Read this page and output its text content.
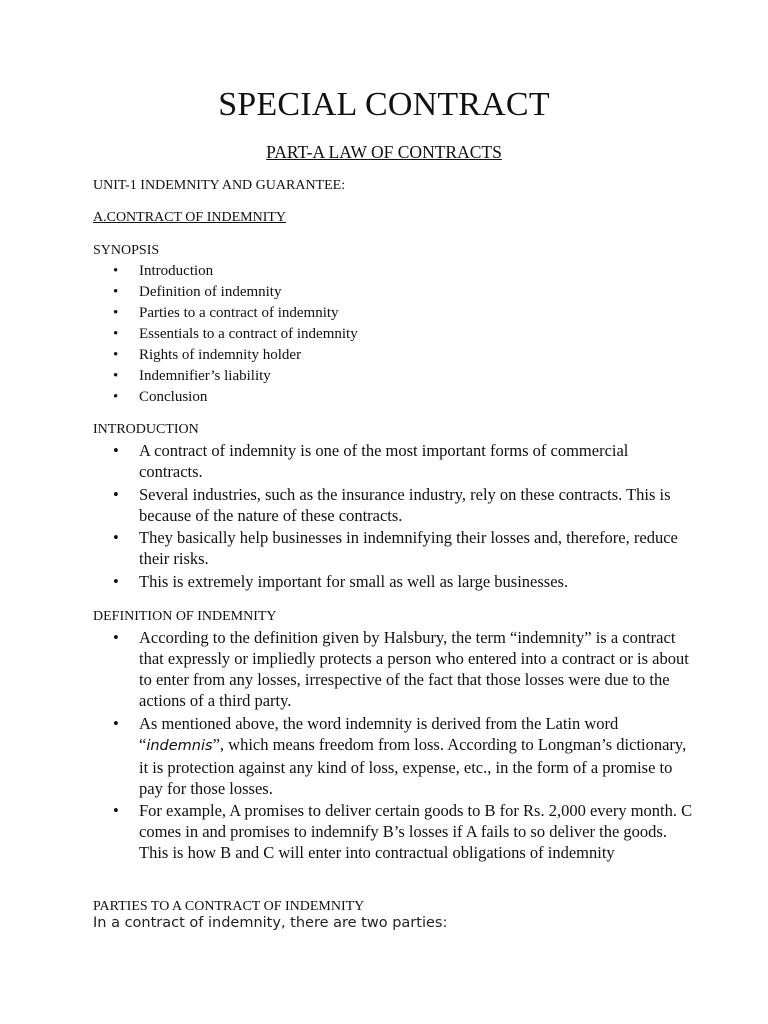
SPECIAL CONTRACT
PART-A LAW OF CONTRACTS
UNIT-1 INDEMNITY AND GUARANTEE:
A.CONTRACT OF INDEMNITY
SYNOPSIS
• Introduction
• Definition of indemnity
• Parties to a contract of indemnity
• Essentials to a contract of indemnity
• Rights of indemnity holder
• Indemnifier’s liability
• Conclusion
INTRODUCTION
• A contract of indemnity is one of the most important forms of commercial contracts.
• Several industries, such as the insurance industry, rely on these contracts. This is because of the nature of these contracts.
• They basically help businesses in indemnifying their losses and, therefore, reduce their risks.
• This is extremely important for small as well as large businesses.
DEFINITION OF INDEMNITY
• According to the definition given by Halsbury, the term “indemnity” is a contract that expressly or impliedly protects a person who entered into a contract or is about to enter from any losses, irrespective of the fact that those losses were due to the actions of a third party.
• As mentioned above, the word indemnity is derived from the Latin word “indemnis”, which means freedom from loss. According to Longman’s dictionary, it is protection against any kind of loss, expense, etc., in the form of a promise to pay for those losses.
• For example, A promises to deliver certain goods to B for Rs. 2,000 every month. C comes in and promises to indemnify B’s losses if A fails to so deliver the goods. This is how B and C will enter into contractual obligations of indemnity
PARTIES TO A CONTRACT OF INDEMNITY
In a contract of indemnity, there are two parties:
